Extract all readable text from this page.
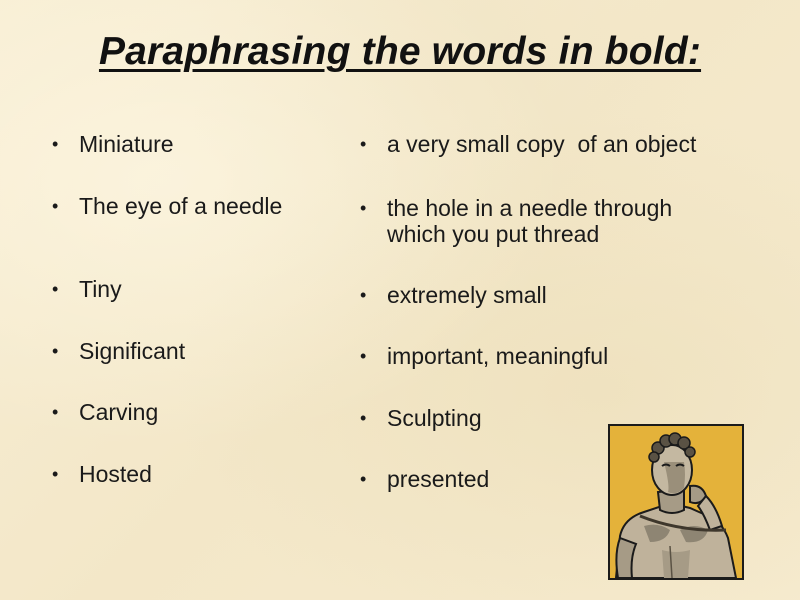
Paraphrasing the words in bold:
• Miniature
• The eye of a needle
• Tiny
• Significant
• Carving
• Hosted
• a very small copy  of an object
• the hole in a needle through which you put thread
• extremely small
• important, meaningful
• Sculpting
• presented
